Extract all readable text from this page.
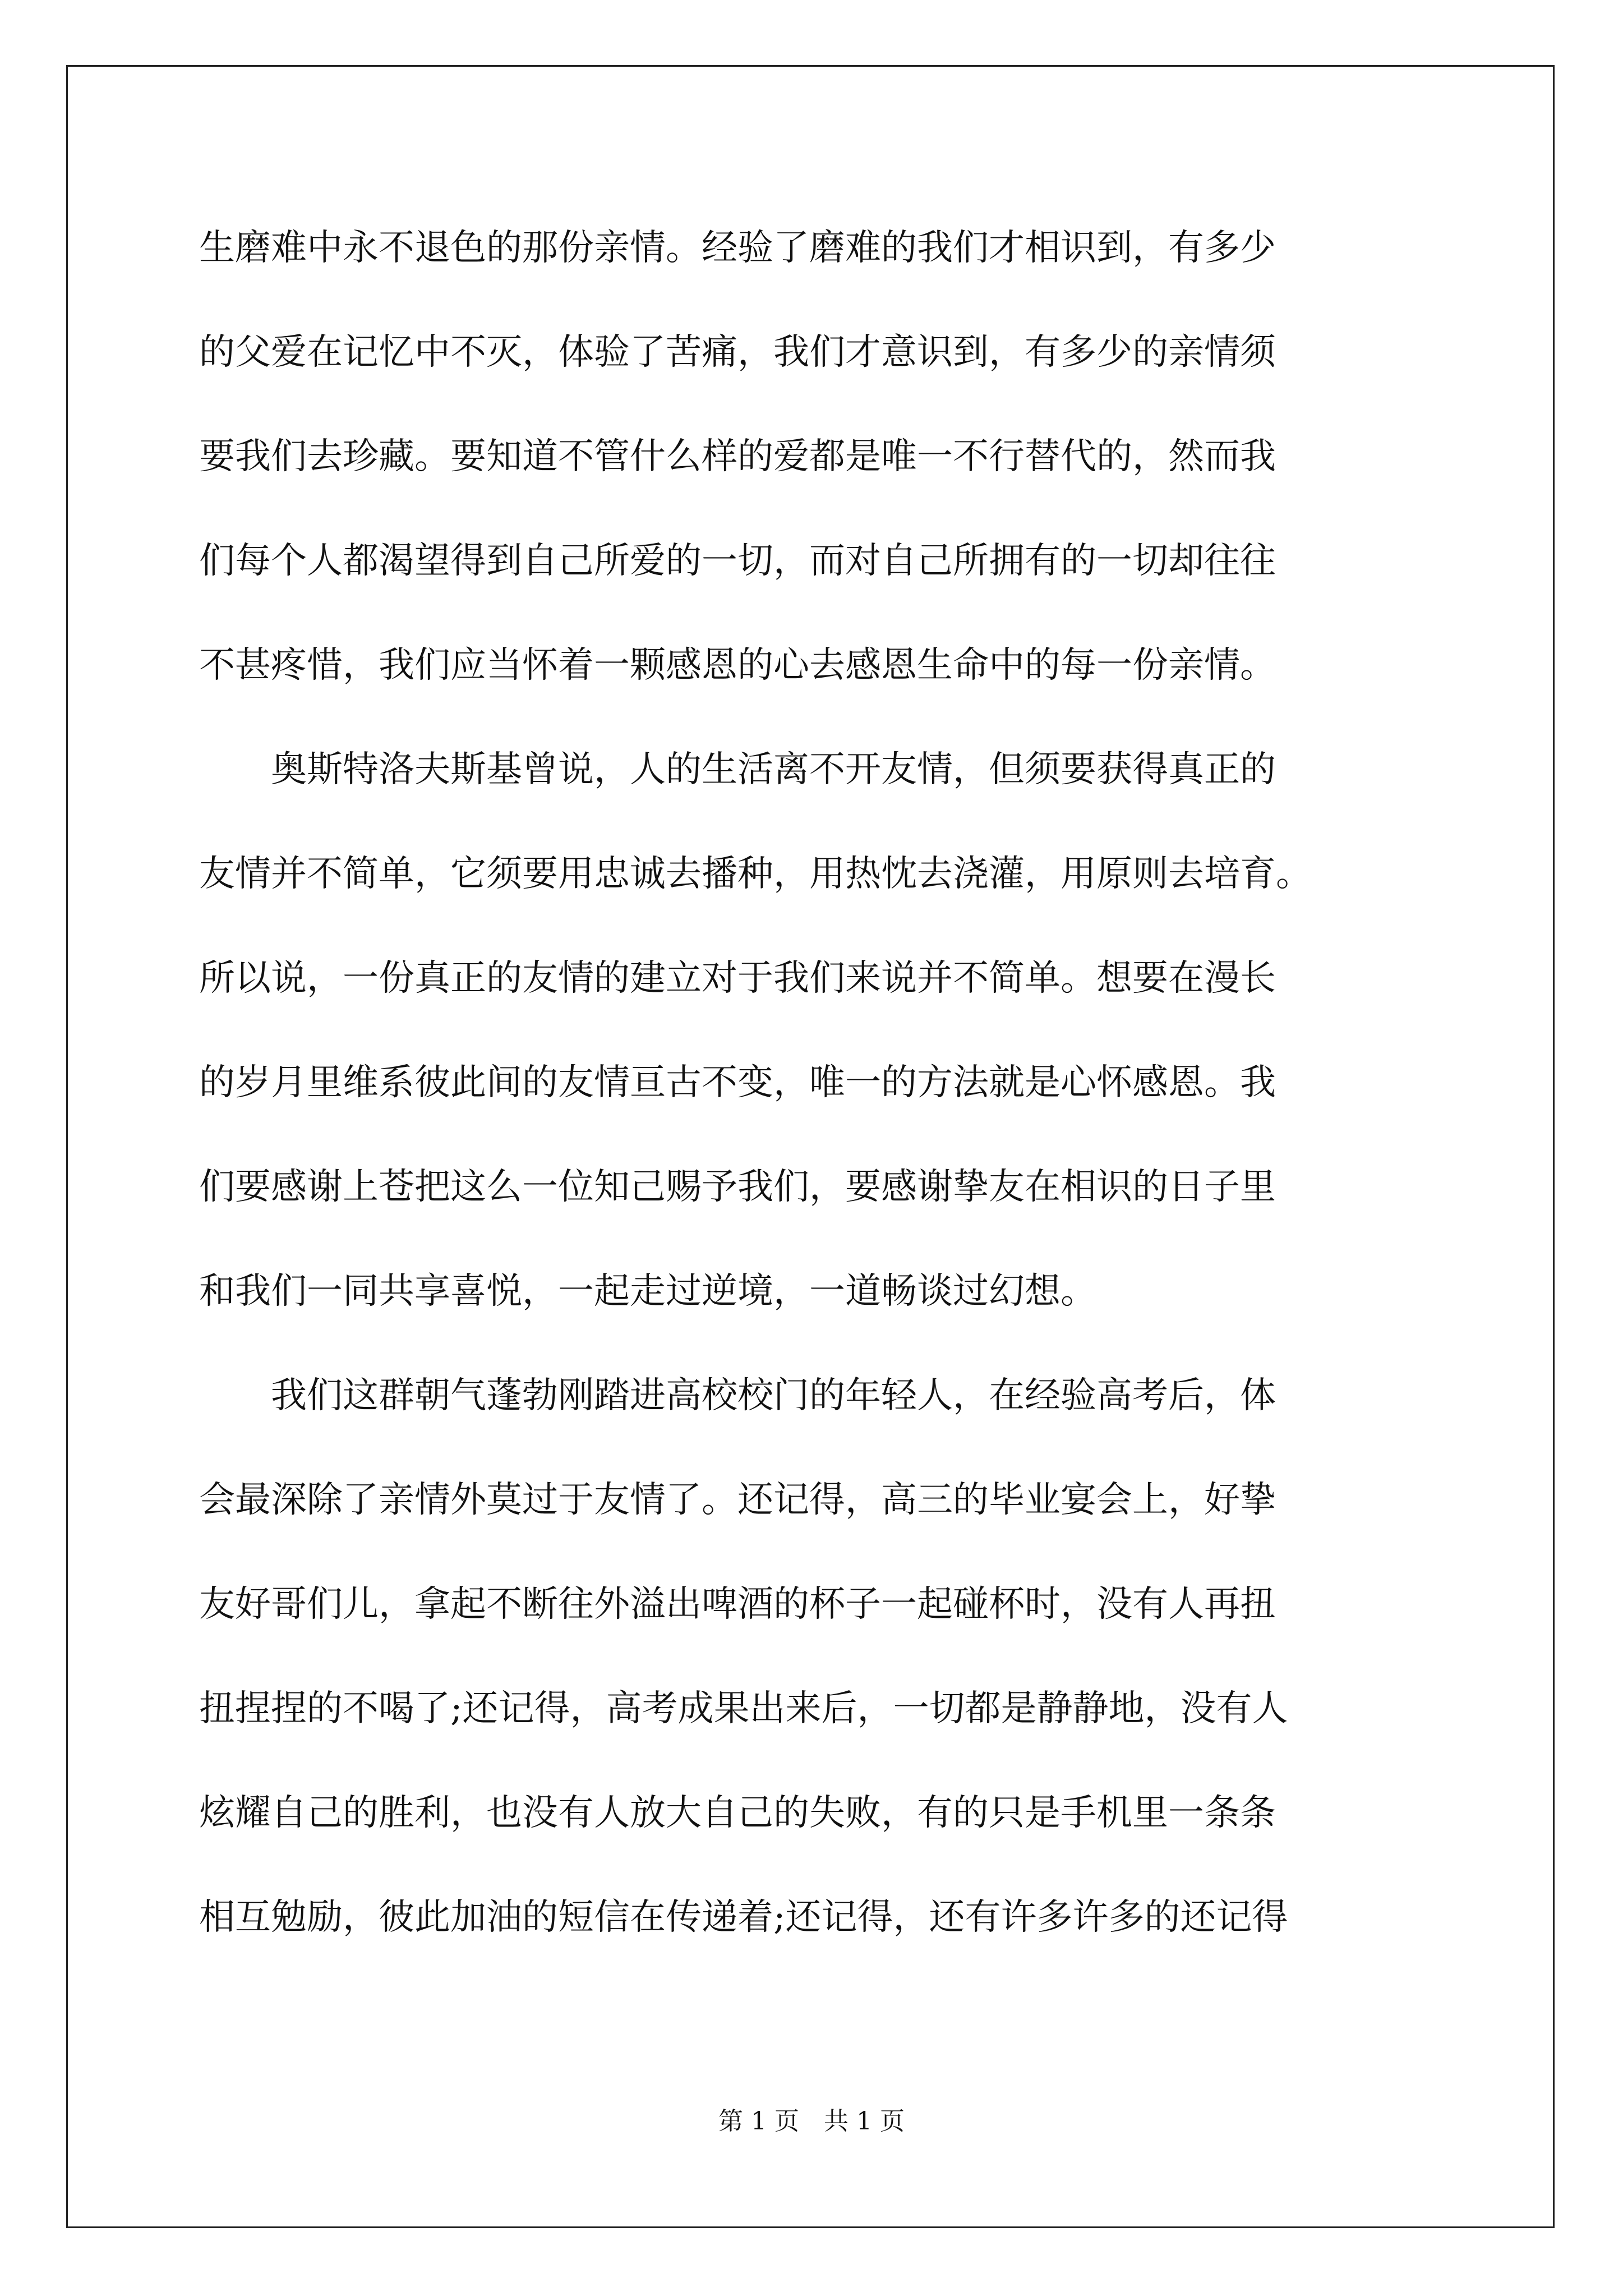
生磨难中永不退色的那份亲情。经验了磨难的我们才相识到，有多少
的父爱在记忆中不灭，体验了苦痛，我们才意识到，有多少的亲情须
要我们去珍藏。要知道不管什么样的爱都是唯一不行替代的，然而我
们每个人都渴望得到自己所爱的一切，而对自己所拥有的一切却往往
不甚疼惜，我们应当怀着一颗感恩的心去感恩生命中的每一份亲情。
　　奥斯特洛夫斯基曾说，人的生活离不开友情，但须要获得真正的
友情并不简单，它须要用忠诚去播种，用热忱去浇灌，用原则去培育。
所以说，一份真正的友情的建立对于我们来说并不简单。想要在漫长
的岁月里维系彼此间的友情亘古不变，唯一的方法就是心怀感恩。我
们要感谢上苍把这么一位知己赐予我们，要感谢挚友在相识的日子里
和我们一同共享喜悦，一起走过逆境，一道畅谈过幻想。
　　我们这群朝气蓬勃刚踏进高校校门的年轻人，在经验高考后，体
会最深除了亲情外莫过于友情了。还记得，高三的毕业宴会上，好挚
友好哥们儿，拿起不断往外溢出啤酒的杯子一起碰杯时，没有人再扭
扭捏捏的不喝了;还记得，高考成果出来后，一切都是静静地，没有人
炫耀自己的胜利，也没有人放大自己的失败，有的只是手机里一条条
相互勉励，彼此加油的短信在传递着;还记得，还有许多许多的还记得
第 1 页　共 1 页
